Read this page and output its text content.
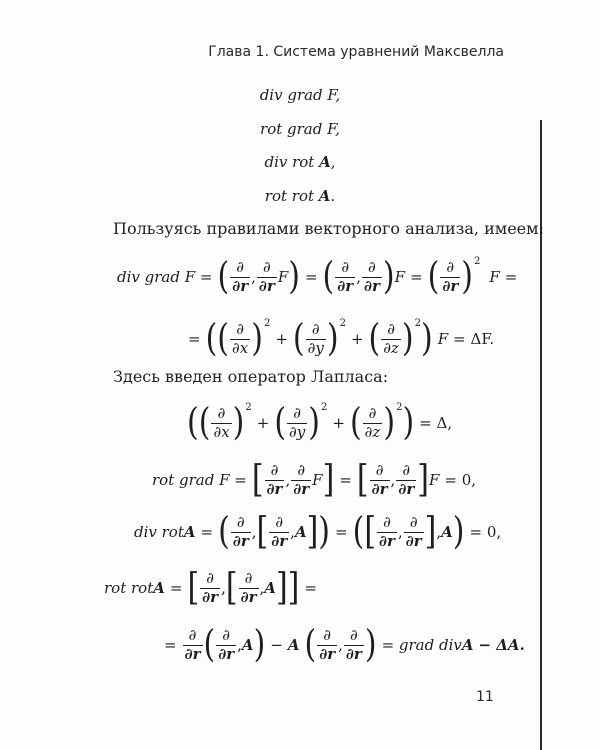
Глава 1. Система уравнений Максвелла
div grad F,
rot grad F,
div rot A,
rot rot A.
Пользуясь правилами векторного анализа, имеем:
div grad F = ( $\frac{\partial}{\partial r}$ , $\frac{\partial}{\partial r}$ F ) = ( $\frac{\partial}{\partial r}$ , $\frac{\partial}{\partial r}$ ) F = ( $\frac{\partial}{\partial r}$ ) 2
F =
= ( ( $\frac{\partial}{\partial x}$ ) 2
+ ( $\frac{\partial}{\partial y}$ ) 2
+ ( $\frac{\partial}{\partial z}$ ) 2 ) F = ΔF.
Здесь введен оператор Лапласа:
( ( $\frac{\partial}{\partial x}$ ) 2
+ ( $\frac{\partial}{\partial y}$ ) 2
+ ( $\frac{\partial}{\partial z}$ ) 2 ) = Δ,
rot grad F = [ $\frac{\partial}{\partial r}$ , $\frac{\partial}{\partial r}$ F ] = [ $\frac{\partial}{\partial r}$ , $\frac{\partial}{\partial r}$ ] F = 0,
div rot A = ( $\frac{\partial}{\partial r}$ , [ $\frac{\partial}{\partial r}$ , A ] ) = ( [ $\frac{\partial}{\partial r}$ , $\frac{\partial}{\partial r}$ ] , A ) = 0,
rot rot A = [ $\frac{\partial}{\partial r}$ , [ $\frac{\partial}{\partial r}$ , A ] ] =
= $\frac{\partial}{\partial r}$ ( $\frac{\partial}{\partial r}$ , A ) − A ( $\frac{\partial}{\partial r}$ , $\frac{\partial}{\partial r}$ ) = grad div A − ΔA.
11
